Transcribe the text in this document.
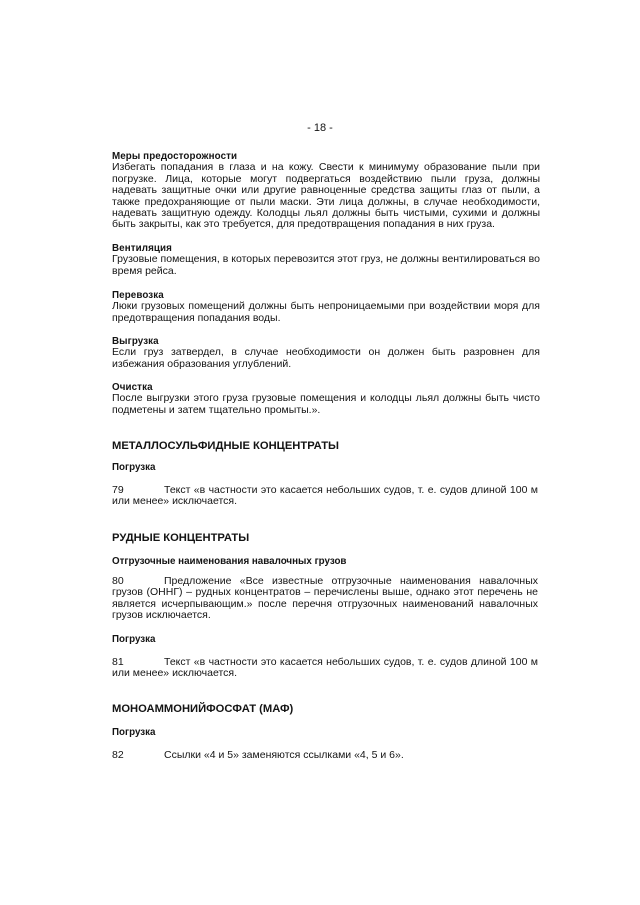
- 18 -
Меры предосторожности
Избегать попадания в глаза и на кожу. Свести к минимуму образование пыли при погрузке. Лица, которые могут подвергаться воздействию пыли груза, должны надевать защитные очки или другие равноценные средства защиты глаз от пыли, а также предохраняющие от пыли маски. Эти лица должны, в случае необходимости, надевать защитную одежду. Колодцы льял должны быть чистыми, сухими и должны быть закрыты, как это требуется, для предотвращения попадания в них груза.
Вентиляция
Грузовые помещения, в которых перевозится этот груз, не должны вентилироваться во время рейса.
Перевозка
Люки грузовых помещений должны быть непроницаемыми при воздействии моря для предотвращения попадания воды.
Выгрузка
Если груз затвердел, в случае необходимости он должен быть разровнен для избежания образования углублений.
Очистка
После выгрузки этого груза грузовые помещения и колодцы льял должны быть чисто подметены и затем тщательно промыты.».
МЕТАЛЛОСУЛЬФИДНЫЕ КОНЦЕНТРАТЫ
Погрузка
79	Текст «в частности это касается небольших судов, т. е. судов длиной 100 м или менее» исключается.
РУДНЫЕ КОНЦЕНТРАТЫ
Отгрузочные наименования навалочных грузов
80	Предложение «Все известные отгрузочные наименования навалочных грузов (ОННГ) – рудных концентратов – перечислены выше, однако этот перечень не является исчерпывающим.» после перечня отгрузочных наименований навалочных грузов исключается.
Погрузка
81	Текст «в частности это касается небольших судов, т. е. судов длиной 100 м или менее» исключается.
МОНОАММОНИЙФОСФАТ (МАФ)
Погрузка
82	Ссылки «4 и 5» заменяются ссылками «4, 5 и 6».
